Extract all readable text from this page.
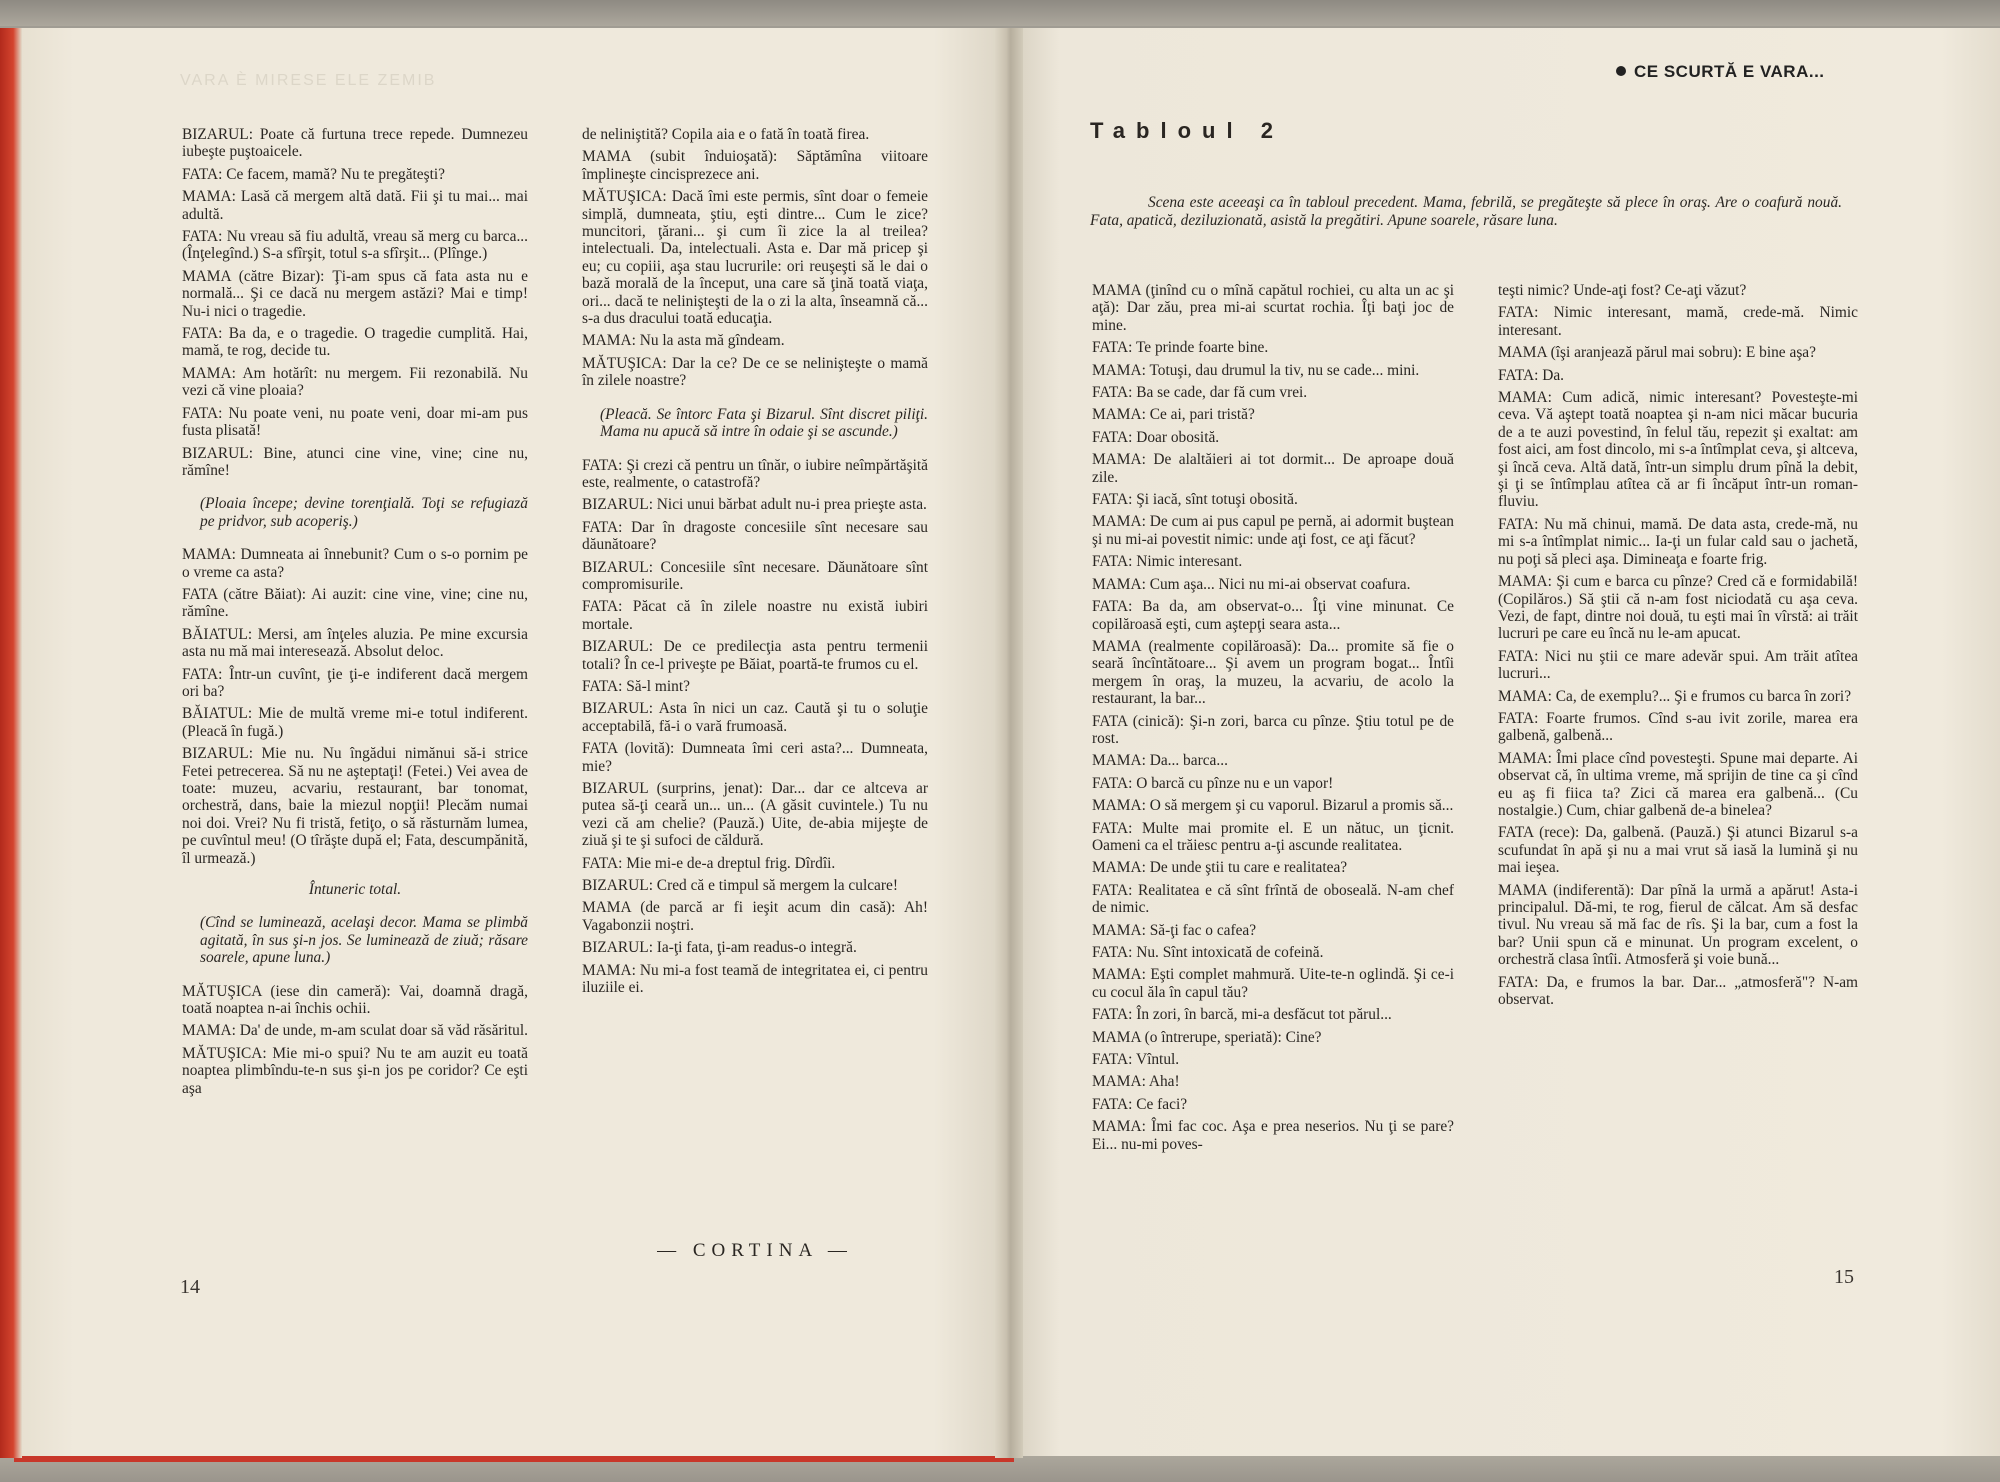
VARA È MIRESE ELE ZEMIB

BIZARUL: Poate că furtuna trece repede. Dumnezeu iubeşte puştoaicele.

FATA: Ce facem, mamă? Nu te pregăteşti?

MAMA: Lasă că mergem altă dată. Fii şi tu mai... mai adultă.

FATA: Nu vreau să fiu adultă, vreau să merg cu barca... (Înţelegînd.) S-a sfîrşit, totul s-a sfîrşit... (Plînge.)

MAMA (către Bizar): Ţi-am spus că fata asta nu e normală... Şi ce dacă nu mergem astăzi? Mai e timp! Nu-i nici o tragedie.

FATA: Ba da, e o tragedie. O tragedie cumplită. Hai, mamă, te rog, decide tu.

MAMA: Am hotărît: nu mergem. Fii rezonabilă. Nu vezi că vine ploaia?

FATA: Nu poate veni, nu poate veni, doar mi-am pus fusta plisată!

BIZARUL: Bine, atunci cine vine, vine; cine nu, rămîne!

(Ploaia începe; devine torenţială. Toţi se refugiază pe pridvor, sub acoperiş.)

MAMA: Dumneata ai înnebunit? Cum o s-o pornim pe o vreme ca asta?

FATA (către Băiat): Ai auzit: cine vine, vine; cine nu, rămîne.

BĂIATUL: Mersi, am înţeles aluzia. Pe mine excursia asta nu mă mai interesează. Absolut deloc.

FATA: Într-un cuvînt, ţie ţi-e indiferent dacă mergem ori ba?

BĂIATUL: Mie de multă vreme mi-e totul indiferent. (Pleacă în fugă.)

BIZARUL: Mie nu. Nu îngădui nimănui să-i strice Fetei petrecerea. Să nu ne aşteptaţi! (Fetei.) Vei avea de toate: muzeu, acvariu, restaurant, bar tonomat, orchestră, dans, baie la miezul nopţii! Plecăm numai noi doi. Vrei? Nu fi tristă, fetiţo, o să răsturnăm lumea, pe cuvîntul meu! (O tîrăşte după el; Fata, descumpănită, îl urmează.)

Întuneric total.

(Cînd se luminează, acelaşi decor. Mama se plimbă agitată, în sus şi-n jos. Se luminează de ziuă; răsare soarele, apune luna.)

MĂTUŞICA (iese din cameră): Vai, doamnă dragă, toată noaptea n-ai închis ochii.

MAMA: Da' de unde, m-am sculat doar să văd răsăritul.

MĂTUŞICA: Mie mi-o spui? Nu te am auzit eu toată noaptea plimbîndu-te-n sus şi-n jos pe coridor? Ce eşti aşa

de neliniştită? Copila aia e o fată în toată firea.

MAMA (subit înduioşată): Săptămîna viitoare împlineşte cincisprezece ani.

MĂTUŞICA: Dacă îmi este permis, sînt doar o femeie simplă, dumneata, ştiu, eşti dintre... Cum le zice? muncitori, ţărani... şi cum îi zice la al treilea? intelectuali. Da, intelectuali. Asta e. Dar mă pricep şi eu; cu copiii, aşa stau lucrurile: ori reuşeşti să le dai o bază morală de la început, una care să ţină toată viaţa, ori... dacă te nelinişteşti de la o zi la alta, înseamnă că... s-a dus dracului toată educaţia.

MAMA: Nu la asta mă gîndeam.

MĂTUŞICA: Dar la ce? De ce se nelinişteşte o mamă în zilele noastre?

(Pleacă. Se întorc Fata şi Bizarul. Sînt discret piliţi. Mama nu apucă să intre în odaie şi se ascunde.)

FATA: Şi crezi că pentru un tînăr, o iubire neîmpărtăşită este, realmente, o catastrofă?

BIZARUL: Nici unui bărbat adult nu-i prea prieşte asta.

FATA: Dar în dragoste concesiile sînt necesare sau dăunătoare?

BIZARUL: Concesiile sînt necesare. Dăunătoare sînt compromisurile.

FATA: Păcat că în zilele noastre nu există iubiri mortale.

BIZARUL: De ce predilecţia asta pentru termenii totali? În ce-l priveşte pe Băiat, poartă-te frumos cu el.

FATA: Să-l mint?

BIZARUL: Asta în nici un caz. Caută şi tu o soluţie acceptabilă, fă-i o vară frumoasă.

FATA (lovită): Dumneata îmi ceri asta?... Dumneata, mie?

BIZARUL (surprins, jenat): Dar... dar ce altceva ar putea să-ţi ceară un... un... (A găsit cuvintele.) Tu nu vezi că am chelie? (Pauză.) Uite, de-abia mijeşte de ziuă şi te şi sufoci de căldură.

FATA: Mie mi-e de-a dreptul frig. Dîrdîi.

BIZARUL: Cred că e timpul să mergem la culcare!

MAMA (de parcă ar fi ieşit acum din casă): Ah! Vagabonzii noştri.

BIZARUL: Ia-ţi fata, ţi-am readus-o integră.

MAMA: Nu mi-a fost teamă de integritatea ei, ci pentru iluziile ei.

— CORTINA —
14
CE SCURTĂ E VARA...
Tabloul 2
Scena este aceeaşi ca în tabloul precedent. Mama, febrilă, se pregăteşte să plece în oraş. Are o coafură nouă. Fata, apatică, deziluzionată, asistă la pregătiri. Apune soarele, răsare luna.

MAMA (ţinînd cu o mînă capătul rochiei, cu alta un ac şi aţă): Dar zău, prea mi-ai scurtat rochia. Îţi baţi joc de mine.

FATA: Te prinde foarte bine.

MAMA: Totuşi, dau drumul la tiv, nu se cade... mini.

FATA: Ba se cade, dar fă cum vrei.

MAMA: Ce ai, pari tristă?

FATA: Doar obosită.

MAMA: De alaltăieri ai tot dormit... De aproape două zile.

FATA: Şi iacă, sînt totuşi obosită.

MAMA: De cum ai pus capul pe pernă, ai adormit buştean şi nu mi-ai povestit nimic: unde aţi fost, ce aţi făcut?

FATA: Nimic interesant.

MAMA: Cum aşa... Nici nu mi-ai observat coafura.

FATA: Ba da, am observat-o... Îţi vine minunat. Ce copilăroasă eşti, cum aştepţi seara asta...

MAMA (realmente copilăroasă): Da... promite să fie o seară încîntătoare... Şi avem un program bogat... Întîi mergem în oraş, la muzeu, la acvariu, de acolo la restaurant, la bar...

FATA (cinică): Şi-n zori, barca cu pînze. Ştiu totul pe de rost.

MAMA: Da... barca...

FATA: O barcă cu pînze nu e un vapor!

MAMA: O să mergem şi cu vaporul. Bizarul a promis să...

FATA: Multe mai promite el. E un nătuc, un ţicnit. Oameni ca el trăiesc pentru a-ţi ascunde realitatea.

MAMA: De unde ştii tu care e realitatea?

FATA: Realitatea e că sînt frîntă de oboseală. N-am chef de nimic.

MAMA: Să-ţi fac o cafea?

FATA: Nu. Sînt intoxicată de cofeină.

MAMA: Eşti complet mahmură. Uite-te-n oglindă. Şi ce-i cu cocul ăla în capul tău?

FATA: În zori, în barcă, mi-a desfăcut tot părul...

MAMA (o întrerupe, speriată): Cine?

FATA: Vîntul.

MAMA: Aha!

FATA: Ce faci?

MAMA: Îmi fac coc. Aşa e prea neserios. Nu ţi se pare? Ei... nu-mi poves-

teşti nimic? Unde-aţi fost? Ce-aţi văzut?

FATA: Nimic interesant, mamă, crede-mă. Nimic interesant.

MAMA (îşi aranjează părul mai sobru): E bine aşa?

FATA: Da.

MAMA: Cum adică, nimic interesant? Povesteşte-mi ceva. Vă aştept toată noaptea şi n-am nici măcar bucuria de a te auzi povestind, în felul tău, repezit şi exaltat: am fost aici, am fost dincolo, mi s-a întîmplat ceva, şi altceva, şi încă ceva. Altă dată, într-un simplu drum pînă la debit, şi ţi se întîmplau atîtea că ar fi încăput într-un roman-fluviu.

FATA: Nu mă chinui, mamă. De data asta, crede-mă, nu mi s-a întîmplat nimic... Ia-ţi un fular cald sau o jachetă, nu poţi să pleci aşa. Dimineaţa e foarte frig.

MAMA: Şi cum e barca cu pînze? Cred că e formidabilă! (Copilăros.) Să ştii că n-am fost niciodată cu aşa ceva. Vezi, de fapt, dintre noi două, tu eşti mai în vîrstă: ai trăit lucruri pe care eu încă nu le-am apucat.

FATA: Nici nu ştii ce mare adevăr spui. Am trăit atîtea lucruri...

MAMA: Ca, de exemplu?... Şi e frumos cu barca în zori?

FATA: Foarte frumos. Cînd s-au ivit zorile, marea era galbenă, galbenă...

MAMA: Îmi place cînd povesteşti. Spune mai departe. Ai observat că, în ultima vreme, mă sprijin de tine ca şi cînd eu aş fi fiica ta? Zici că marea era galbenă... (Cu nostalgie.) Cum, chiar galbenă de-a binelea?

FATA (rece): Da, galbenă. (Pauză.) Şi atunci Bizarul s-a scufundat în apă şi nu a mai vrut să iasă la lumină şi nu mai ieşea.

MAMA (indiferentă): Dar pînă la urmă a apărut! Asta-i principalul. Dă-mi, te rog, fierul de călcat. Am să desfac tivul. Nu vreau să mă fac de rîs. Şi la bar, cum a fost la bar? Unii spun că e minunat. Un program excelent, o orchestră clasa întîi. Atmosferă şi voie bună...

FATA: Da, e frumos la bar. Dar... „atmosferă"? N-am observat.

15
